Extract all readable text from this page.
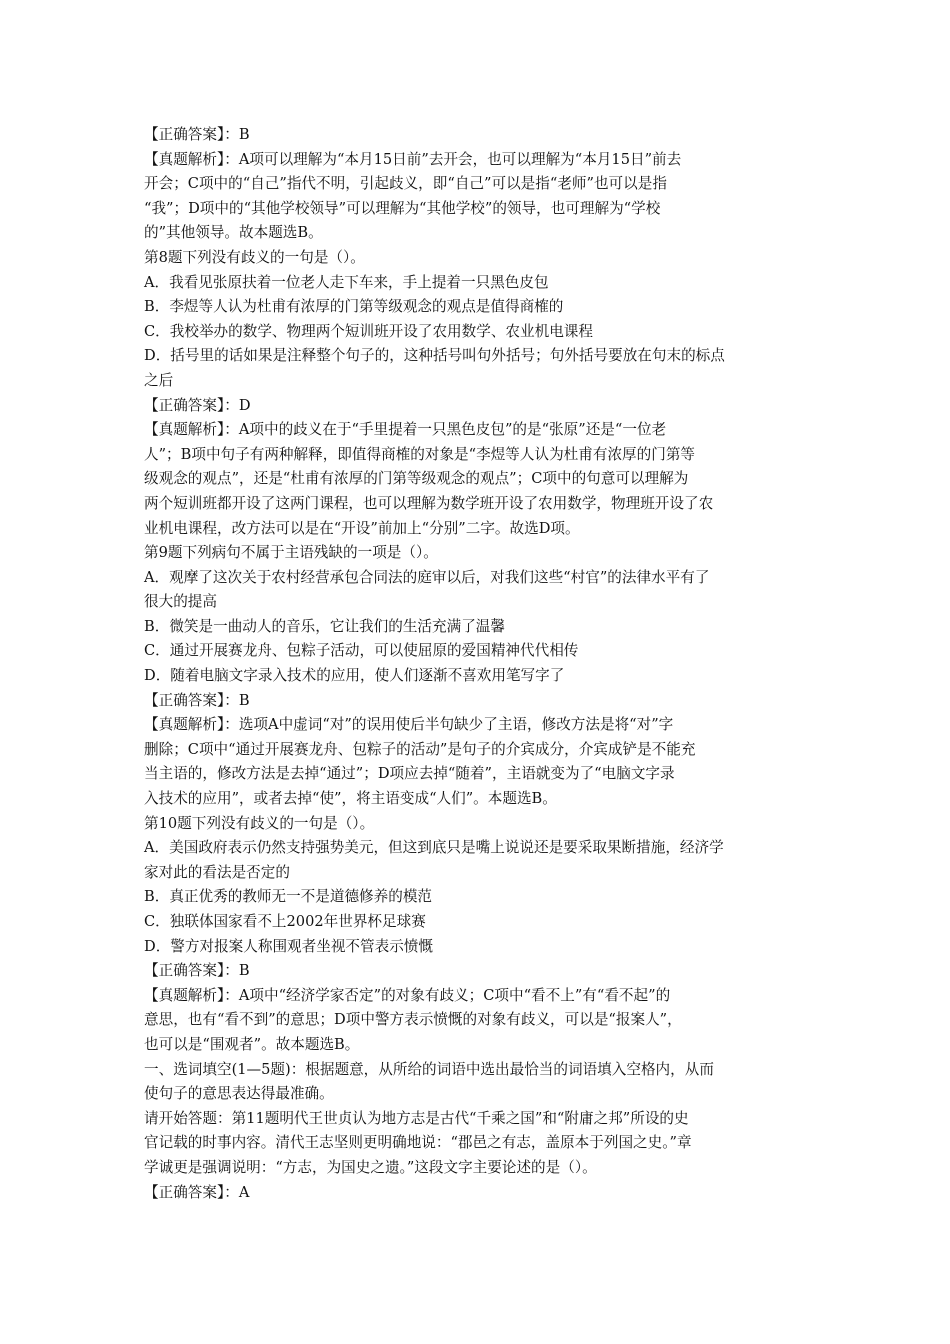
【正确答案】：B

【真题解析】：A项可以理解为“本月15日前”去开会，也可以理解为“本月15日”前去

开会；C项中的“自己”指代不明，引起歧义，即“自己”可以是指“老师”也可以是指

“我”；D项中的“其他学校领导”可以理解为“其他学校”的领导，也可理解为“学校

的”其他领导。故本题选B。

第8题下列没有歧义的一句是（）。

A．我看见张原扶着一位老人走下车来，手上提着一只黑色皮包

B．李煜等人认为杜甫有浓厚的门第等级观念的观点是值得商榷的

C．我校举办的数学、物理两个短训班开设了农用数学、农业机电课程

D．括号里的话如果是注释整个句子的，这种括号叫句外括号；句外括号要放在句末的标点

之后

【正确答案】：D

【真题解析】：A项中的歧义在于“手里提着一只黑色皮包”的是“张原”还是“一位老

人”；B项中句子有两种解释，即值得商榷的对象是“李煜等人认为杜甫有浓厚的门第等

级观念的观点”，还是“杜甫有浓厚的门第等级观念的观点”；C项中的句意可以理解为

两个短训班都开设了这两门课程，也可以理解为数学班开设了农用数学，物理班开设了农

业机电课程，改方法可以是在“开设”前加上“分别”二字。故选D项。

第9题下列病句不属于主语残缺的一项是（）。

A．观摩了这次关于农村经营承包合同法的庭审以后，对我们这些“村官”的法律水平有了

很大的提高

B．微笑是一曲动人的音乐，它让我们的生活充满了温馨

C．通过开展赛龙舟、包粽子活动，可以使屈原的爱国精神代代相传

D．随着电脑文字录入技术的应用，使人们逐渐不喜欢用笔写字了

【正确答案】：B

【真题解析】：选项A中虚词“对”的误用使后半句缺少了主语，修改方法是将“对”字

删除；C项中“通过开展赛龙舟、包粽子的活动”是句子的介宾成分，介宾成铲是不能充

当主语的，修改方法是去掉“通过”；D项应去掉“随着”，主语就变为了“电脑文字录

入技术的应用”，或者去掉“使”，将主语变成“人们”。本题选B。

第10题下列没有歧义的一句是（）。

A．美国政府表示仍然支持强势美元，但这到底只是嘴上说说还是要采取果断措施，经济学

家对此的看法是否定的

B．真正优秀的教师无一不是道德修养的模范

C．独联体国家看不上2002年世界杯足球赛

D．警方对报案人称围观者坐视不管表示愤慨

【正确答案】：B

【真题解析】：A项中“经济学家否定”的对象有歧义；C项中“看不上”有“看不起”的

意思，也有“看不到”的意思；D项中警方表示愤慨的对象有歧义，可以是“报案人”，

也可以是“围观者”。故本题选B。

一、选词填空(1—5题)：根据题意，从所给的词语中选出最恰当的词语填入空格内，从而

使句子的意思表达得最准确。

请开始答题：第11题明代王世贞认为地方志是古代“千乘之国”和“附庸之邦”所设的史

官记载的时事内容。清代王志坚则更明确地说：“郡邑之有志，盖原本于列国之史。”章

学诚更是强调说明：“方志，为国史之遗。”这段文字主要论述的是（）。

【正确答案】：A
